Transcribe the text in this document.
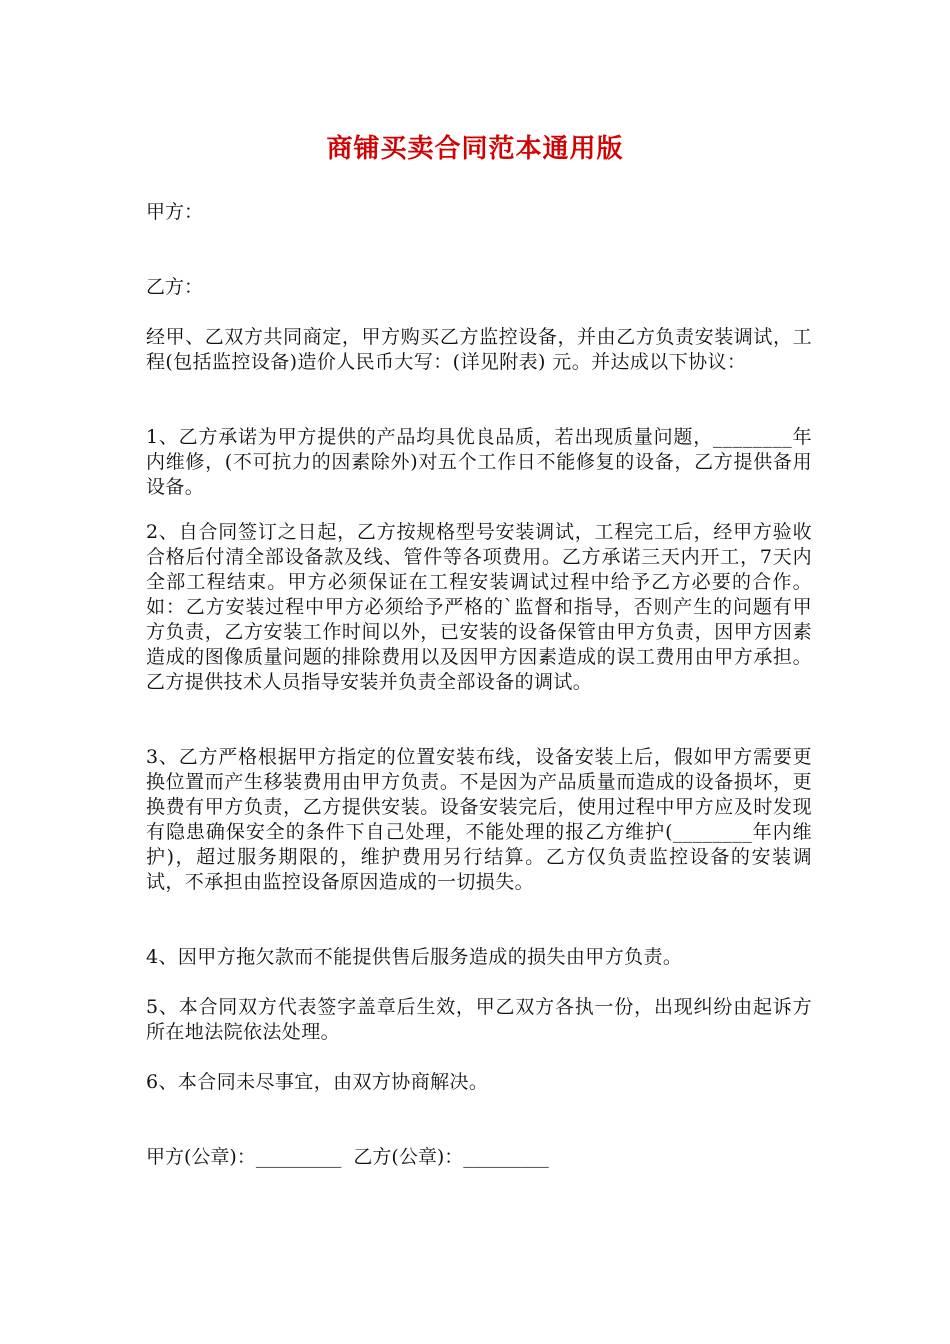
商铺买卖合同范本通用版
甲方：
乙方：
经甲、乙双方共同商定，甲方购买乙方监控设备，并由乙方负责安装调试，工程(包括监控设备)造价人民币大写：(详见附表) 元。并达成以下协议：
1、乙方承诺为甲方提供的产品均具优良品质，若出现质量问题，________年内维修，(不可抗力的因素除外)对五个工作日不能修复的设备，乙方提供备用设备。
2、自合同签订之日起，乙方按规格型号安装调试，工程完工后，经甲方验收合格后付清全部设备款及线、管件等各项费用。乙方承诺三天内开工，7天内全部工程结束。甲方必须保证在工程安装调试过程中给予乙方必要的合作。如：乙方安装过程中甲方必须给予严格的`监督和指导，否则产生的问题有甲方负责，乙方安装工作时间以外，已安装的设备保管由甲方负责，因甲方因素造成的图像质量问题的排除费用以及因甲方因素造成的误工费用由甲方承担。乙方提供技术人员指导安装并负责全部设备的调试。
3、乙方严格根据甲方指定的位置安装布线，设备安装上后，假如甲方需要更换位置而产生移装费用由甲方负责。不是因为产品质量而造成的设备损坏，更换费有甲方负责，乙方提供安装。设备安装完后，使用过程中甲方应及时发现有隐患确保安全的条件下自己处理，不能处理的报乙方维护(________年内维护)，超过服务期限的，维护费用另行结算。乙方仅负责监控设备的安装调试，不承担由监控设备原因造成的一切损失。
4、因甲方拖欠款而不能提供售后服务造成的损失由甲方负责。
5、本合同双方代表签字盖章后生效，甲乙双方各执一份，出现纠纷由起诉方所在地法院依法处理。
6、本合同未尽事宜，由双方协商解决。
甲方(公章)：_________  乙方(公章)：_________
